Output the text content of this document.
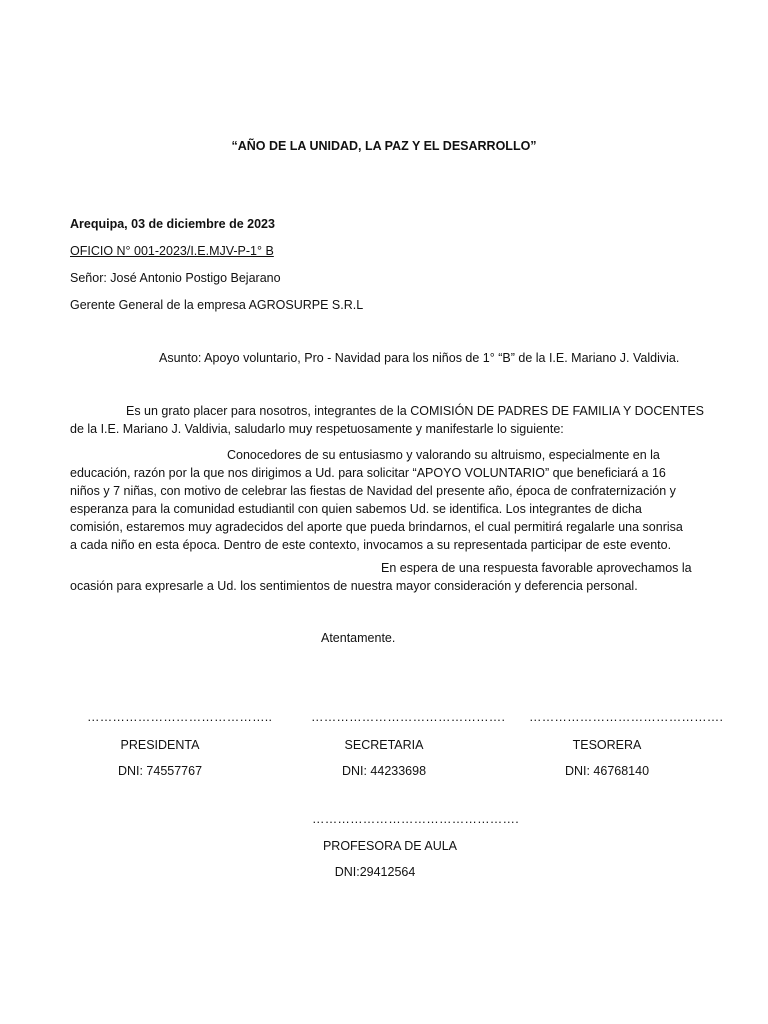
“AÑO DE LA UNIDAD, LA PAZ Y EL DESARROLLO”
Arequipa, 03 de diciembre de 2023
OFICIO N° 001-2023/I.E.MJV-P-1° B
Señor: José Antonio Postigo Bejarano
Gerente General de la empresa AGROSURPE S.R.L
Asunto: Apoyo voluntario, Pro - Navidad para los niños de 1° “B” de la I.E. Mariano J. Valdivia.
Es un grato placer para nosotros, integrantes de la COMISIÓN DE PADRES DE FAMILIA Y DOCENTES
de la I.E. Mariano J. Valdivia, saludarlo muy respetuosamente y manifestarle lo siguiente:
Conocedores de su entusiasmo y valorando su altruismo, especialmente en la
educación, razón por la que nos dirigimos a Ud. para solicitar “APOYO VOLUNTARIO” que beneficiará a 16
niños y 7 niñas, con motivo de celebrar las fiestas de Navidad del presente año, época de confraternización y
esperanza para la comunidad estudiantil con quien sabemos Ud. se identifica. Los integrantes de dicha
comisión, estaremos muy agradecidos del aporte que pueda brindarnos, el cual permitirá regalarle una sonrisa
a cada niño en esta época. Dentro de este contexto, invocamos a su representada participar de este evento.
En espera de una respuesta favorable aprovechamos la
ocasión para expresarle a Ud. los sentimientos de nuestra mayor consideración y deferencia personal.
Atentamente.
……………………………………..
PRESIDENTA
DNI: 74557767
……………………………………….
SECRETARIA
DNI: 44233698
……………………………………….
TESORERA
DNI: 46768140
………………………………………….
PROFESORA DE AULA
DNI:29412564
